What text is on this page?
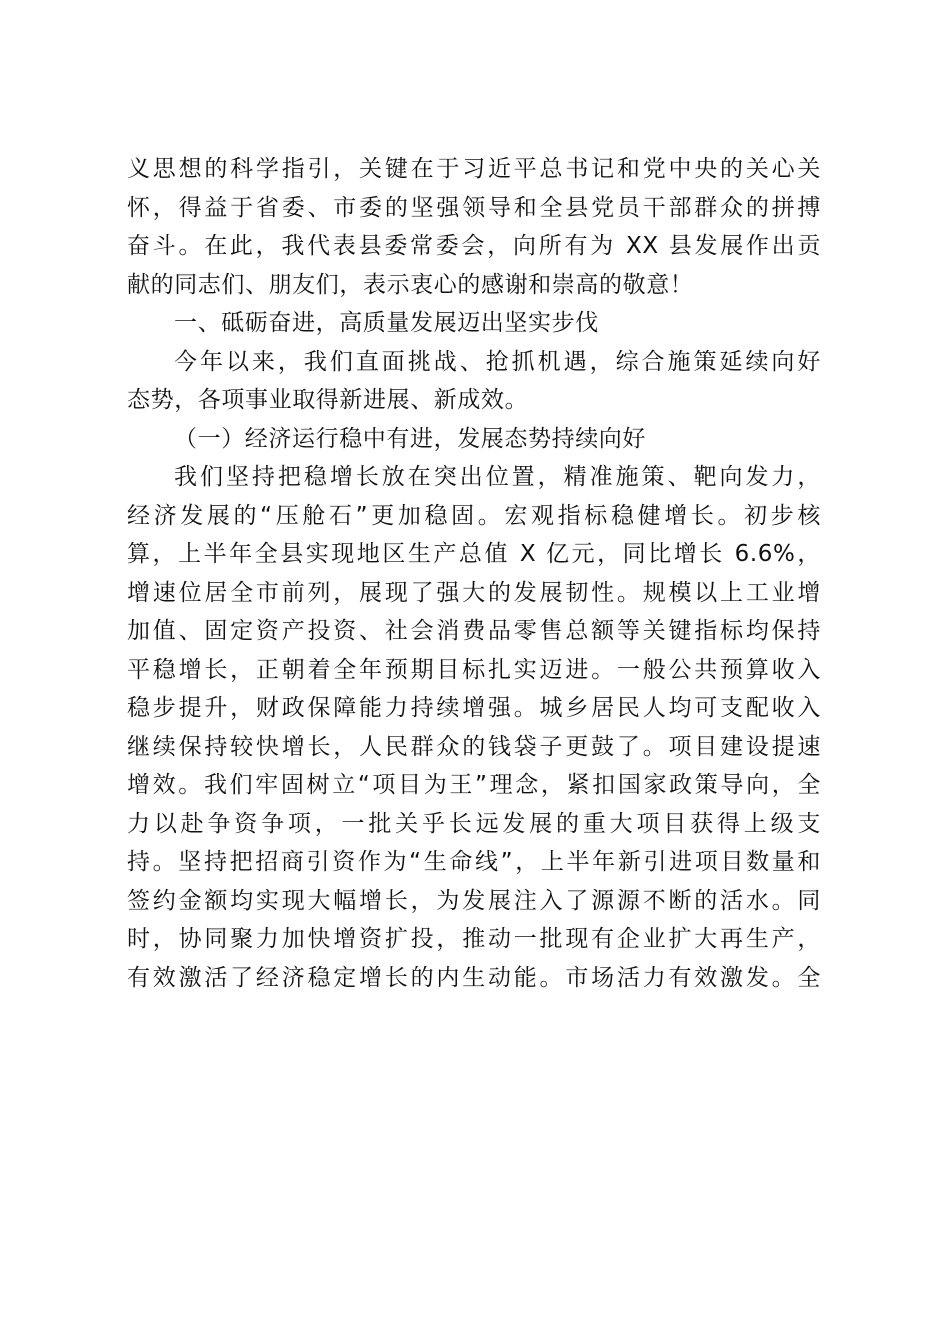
义思想的科学指引，关键在于习近平总书记和党中央的关心关
怀，得益于省委、市委的坚强领导和全县党员干部群众的拼搏
奋斗。在此，我代表县委常委会，向所有为 XX 县发展作出贡
献的同志们、朋友们，表示衷心的感谢和崇高的敬意！
一、砥砺奋进，高质量发展迈出坚实步伐
今年以来，我们直面挑战、抢抓机遇，综合施策延续向好
态势，各项事业取得新进展、新成效。
（一）经济运行稳中有进，发展态势持续向好
我们坚持把稳增长放在突出位置，精准施策、靶向发力，
经济发展的“压舱石”更加稳固。宏观指标稳健增长。初步核
算，上半年全县实现地区生产总值 X 亿元，同比增长 6.6%，
增速位居全市前列，展现了强大的发展韧性。规模以上工业增
加值、固定资产投资、社会消费品零售总额等关键指标均保持
平稳增长，正朝着全年预期目标扎实迈进。一般公共预算收入
稳步提升，财政保障能力持续增强。城乡居民人均可支配收入
继续保持较快增长，人民群众的钱袋子更鼓了。项目建设提速
增效。我们牢固树立“项目为王”理念，紧扣国家政策导向，全
力以赴争资争项，一批关乎长远发展的重大项目获得上级支
持。坚持把招商引资作为“生命线”，上半年新引进项目数量和
签约金额均实现大幅增长，为发展注入了源源不断的活水。同
时，协同聚力加快增资扩投，推动一批现有企业扩大再生产，
有效激活了经济稳定增长的内生动能。市场活力有效激发。全
